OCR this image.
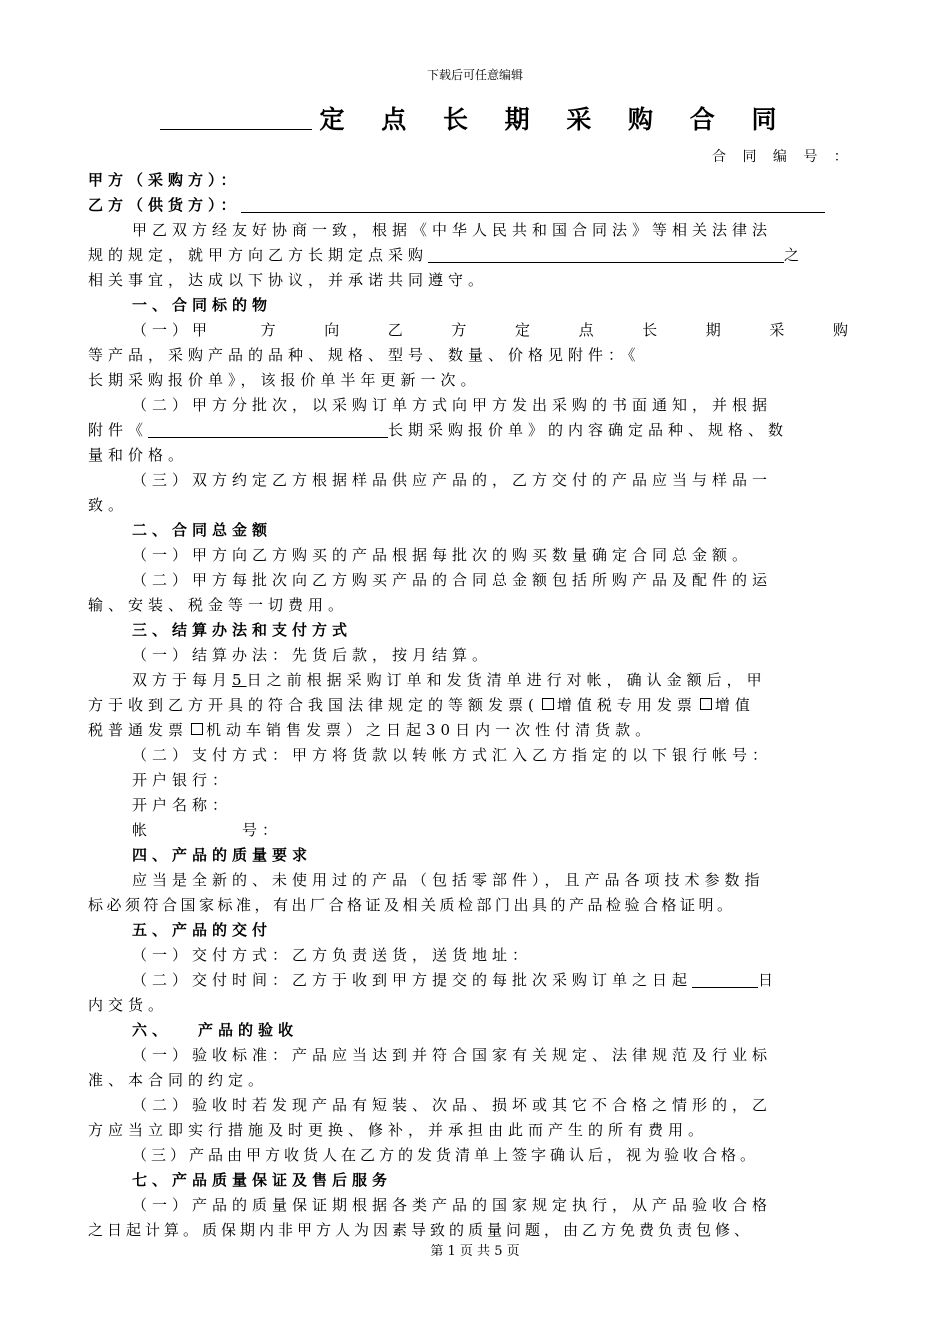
下载后可任意编辑
定 点 长 期 采 购 合 同
合 同 编 号 ：
甲方（采购方）：
乙方（供货方）：
甲乙双方经友好协商一致，根据《中华人民共和国合同法》等相关法律法
规的规定，就甲方向乙方长期定点采购	之
相关事宜，达成以下协议，并承诺共同遵守。
一、合同标的物
（一）甲	方	向	乙	方	定	点	长	期	采	购
等产品，采购产品的品种、规格、型号、数量、价格见附件：《
长期采购报价单》，该报价单半年更新一次。
（二）甲方分批次，以采购订单方式向甲方发出采购的书面通知，并根据
附件《	长期采购报价单》的内容确定品种、规格、数
量和价格。
（三）双方约定乙方根据样品供应产品的，乙方交付的产品应当与样品一
致。
二、合同总金额
（一）甲方向乙方购买的产品根据每批次的购买数量确定合同总金额。
（二）甲方每批次向乙方购买产品的合同总金额包括所购产品及配件的运
输、安装、税金等一切费用。
三、结算办法和支付方式
（一）结算办法：先货后款，按月结算。
双方于每月5日之前根据采购订单和发货清单进行对帐，确认金额后，甲
方于收到乙方开具的符合我国法律规定的等额发票( 增值税专用发票 增值
税普通发票 机动车销售发票）之日起30日内一次性付清货款。
（二）支付方式：甲方将货款以转帐方式汇入乙方指定的以下银行帐号：
开户银行：
开户名称：
帐	号：
四、产品的质量要求
应当是全新的、未使用过的产品（包括零部件），且产品各项技术参数指
标必须符合国家标准，有出厂合格证及相关质检部门出具的产品检验合格证明。
五、产品的交付
（一）交付方式：乙方负责送货，送货地址：
（二）交付时间：乙方于收到甲方提交的每批次采购订单之日起	日
内交货。
六、 产品的验收
（一）验收标准：产品应当达到并符合国家有关规定、法律规范及行业标
准、本合同的约定。
（二）验收时若发现产品有短装、次品、损坏或其它不合格之情形的，乙
方应当立即实行措施及时更换、修补，并承担由此而产生的所有费用。
（三）产品由甲方收货人在乙方的发货清单上签字确认后，视为验收合格。
七、产品质量保证及售后服务
（一）产品的质量保证期根据各类产品的国家规定执行，从产品验收合格
之日起计算。质保期内非甲方人为因素导致的质量问题，由乙方免费负责包修、
第 1 页 共 5 页
